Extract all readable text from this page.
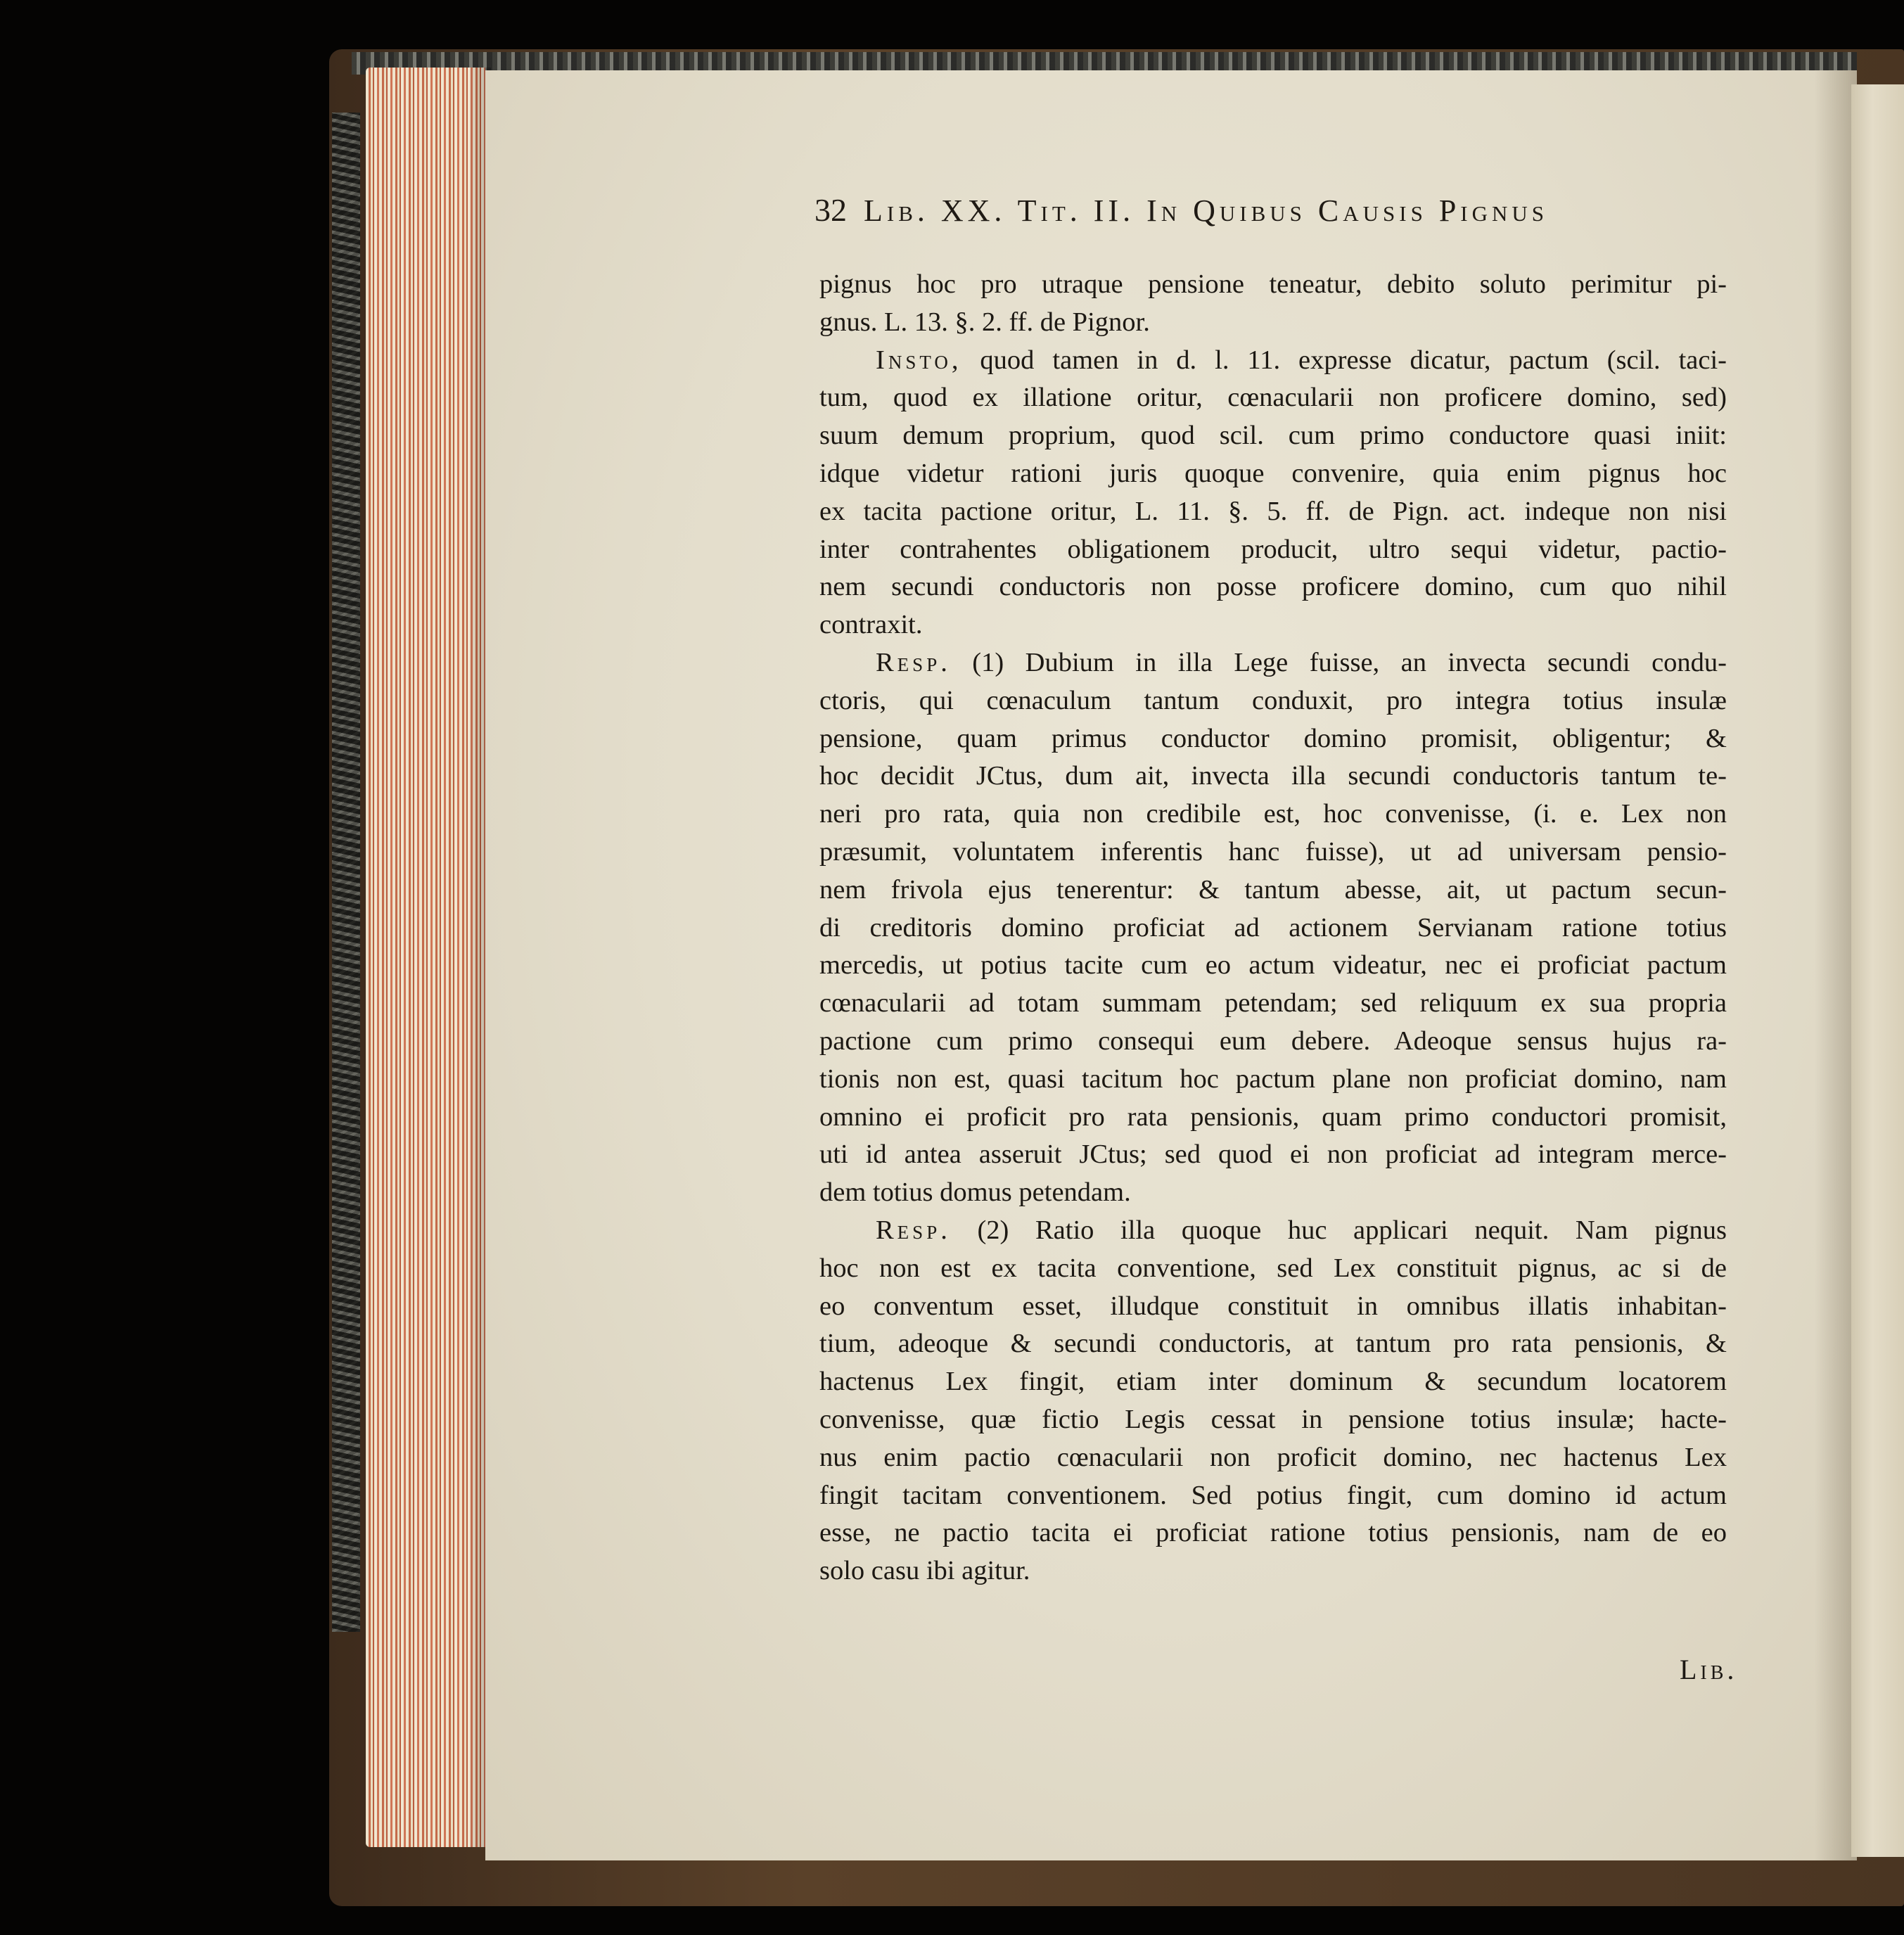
32 Lib. XX. Tit. II. In Quibus Causis Pignus
pignus hoc pro utraque pensione teneatur, debito soluto perimitur pi-
gnus. L. 13. §. 2. ff. de Pignor.
Insto, quod tamen in d. l. 11. expresse dicatur, pactum (scil. taci-
tum, quod ex illatione oritur, cœnacularii non proficere domino, sed)
suum demum proprium, quod scil. cum primo conductore quasi iniit:
idque videtur rationi juris quoque convenire, quia enim pignus hoc
ex tacita pactione oritur, L. 11. §. 5. ff. de Pign. act. indeque non nisi
inter contrahentes obligationem producit, ultro sequi videtur, pactio-
nem secundi conductoris non posse proficere domino, cum quo nihil
contraxit.
Resp. (1) Dubium in illa Lege fuisse, an invecta secundi condu-
ctoris, qui cœnaculum tantum conduxit, pro integra totius insulæ
pensione, quam primus conductor domino promisit, obligentur; &
hoc decidit JCtus, dum ait, invecta illa secundi conductoris tantum te-
neri pro rata, quia non credibile est, hoc convenisse, (i. e. Lex non
præsumit, voluntatem inferentis hanc fuisse), ut ad universam pensio-
nem frivola ejus tenerentur: & tantum abesse, ait, ut pactum secun-
di creditoris domino proficiat ad actionem Servianam ratione totius
mercedis, ut potius tacite cum eo actum videatur, nec ei proficiat pactum
cœnacularii ad totam summam petendam; sed reliquum ex sua propria
pactione cum primo consequi eum debere. Adeoque sensus hujus ra-
tionis non est, quasi tacitum hoc pactum plane non proficiat domino, nam
omnino ei proficit pro rata pensionis, quam primo conductori promisit,
uti id antea asseruit JCtus; sed quod ei non proficiat ad integram merce-
dem totius domus petendam.
Resp. (2) Ratio illa quoque huc applicari nequit. Nam pignus
hoc non est ex tacita conventione, sed Lex constituit pignus, ac si de
eo conventum esset, illudque constituit in omnibus illatis inhabitan-
tium, adeoque & secundi conductoris, at tantum pro rata pensionis, &
hactenus Lex fingit, etiam inter dominum & secundum locatorem
convenisse, quæ fictio Legis cessat in pensione totius insulæ; hacte-
nus enim pactio cœnacularii non proficit domino, nec hactenus Lex
fingit tacitam conventionem. Sed potius fingit, cum domino id actum
esse, ne pactio tacita ei proficiat ratione totius pensionis, nam de eo
solo casu ibi agitur.
Lib.
